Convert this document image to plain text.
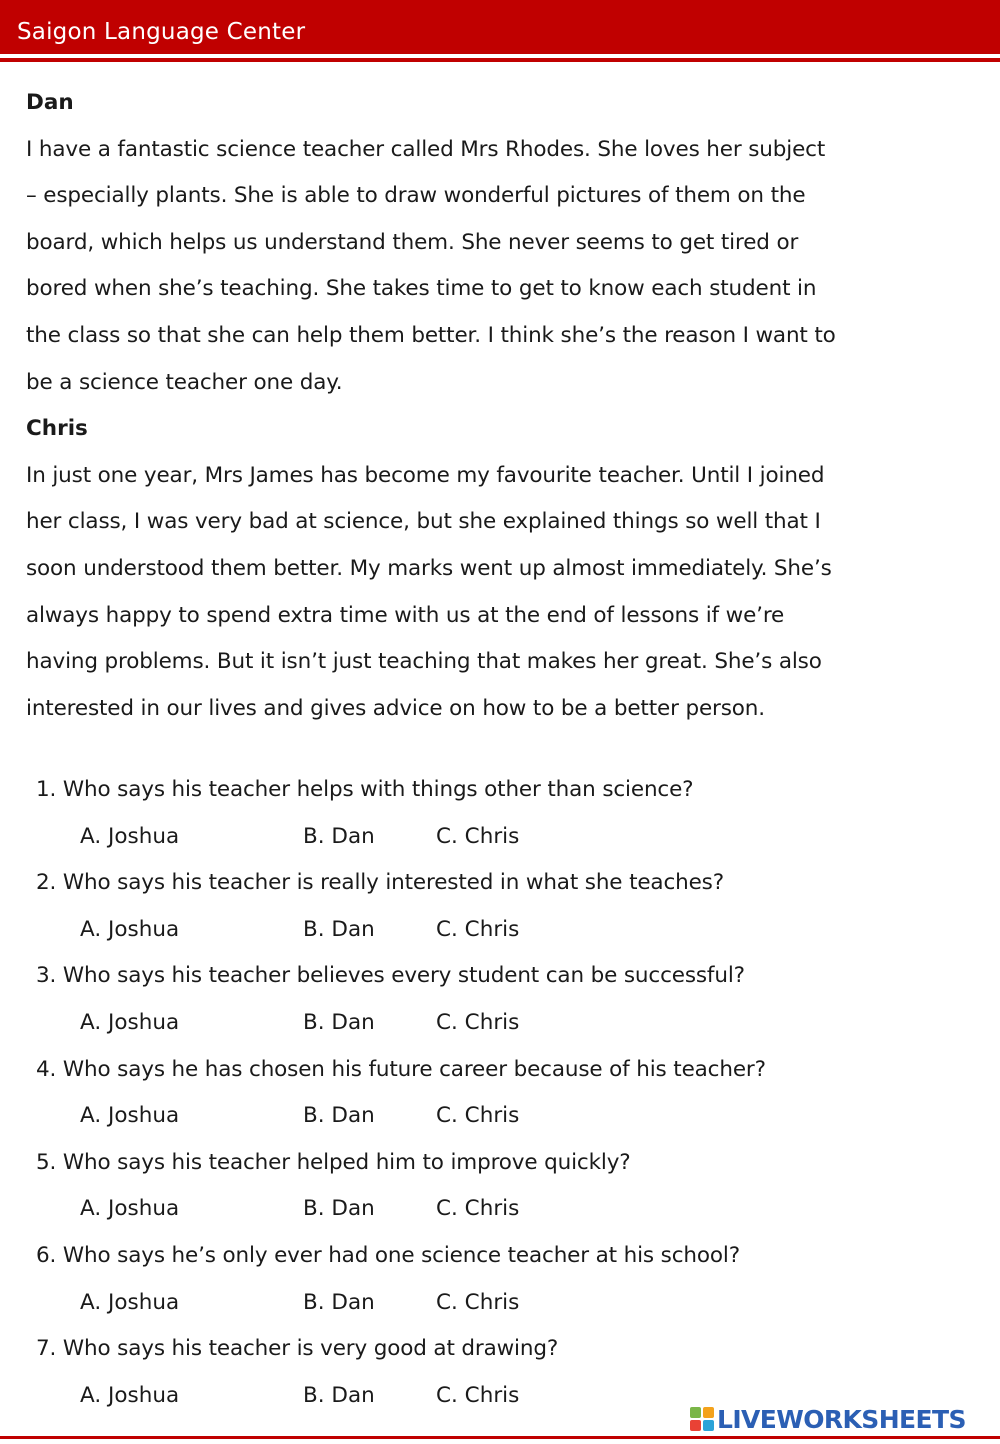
Saigon Language Center
Dan
I have a fantastic science teacher called Mrs Rhodes. She loves her subject
– especially plants. She is able to draw wonderful pictures of them on the
board, which helps us understand them. She never seems to get tired or
bored when she’s teaching. She takes time to get to know each student in
the class so that she can help them better. I think she’s the reason I want to
be a science teacher one day.
Chris
In just one year, Mrs James has become my favourite teacher. Until I joined
her class, I was very bad at science, but she explained things so well that I
soon understood them better. My marks went up almost immediately. She’s
always happy to spend extra time with us at the end of lessons if we’re
having problems. But it isn’t just teaching that makes her great. She’s also
interested in our lives and gives advice on how to be a better person.
1. Who says his teacher helps with things other than science?
A. Joshua	B. Dan	C. Chris
2. Who says his teacher is really interested in what she teaches?
A. Joshua	B. Dan	C. Chris
3. Who says his teacher believes every student can be successful?
A. Joshua	B. Dan	C. Chris
4. Who says he has chosen his future career because of his teacher?
A. Joshua	B. Dan	C. Chris
5. Who says his teacher helped him to improve quickly?
A. Joshua	B. Dan	C. Chris
6. Who says he’s only ever had one science teacher at his school?
A. Joshua	B. Dan	C. Chris
7. Who says his teacher is very good at drawing?
A. Joshua	B. Dan	C. Chris
LIVEWORKSHEETS
